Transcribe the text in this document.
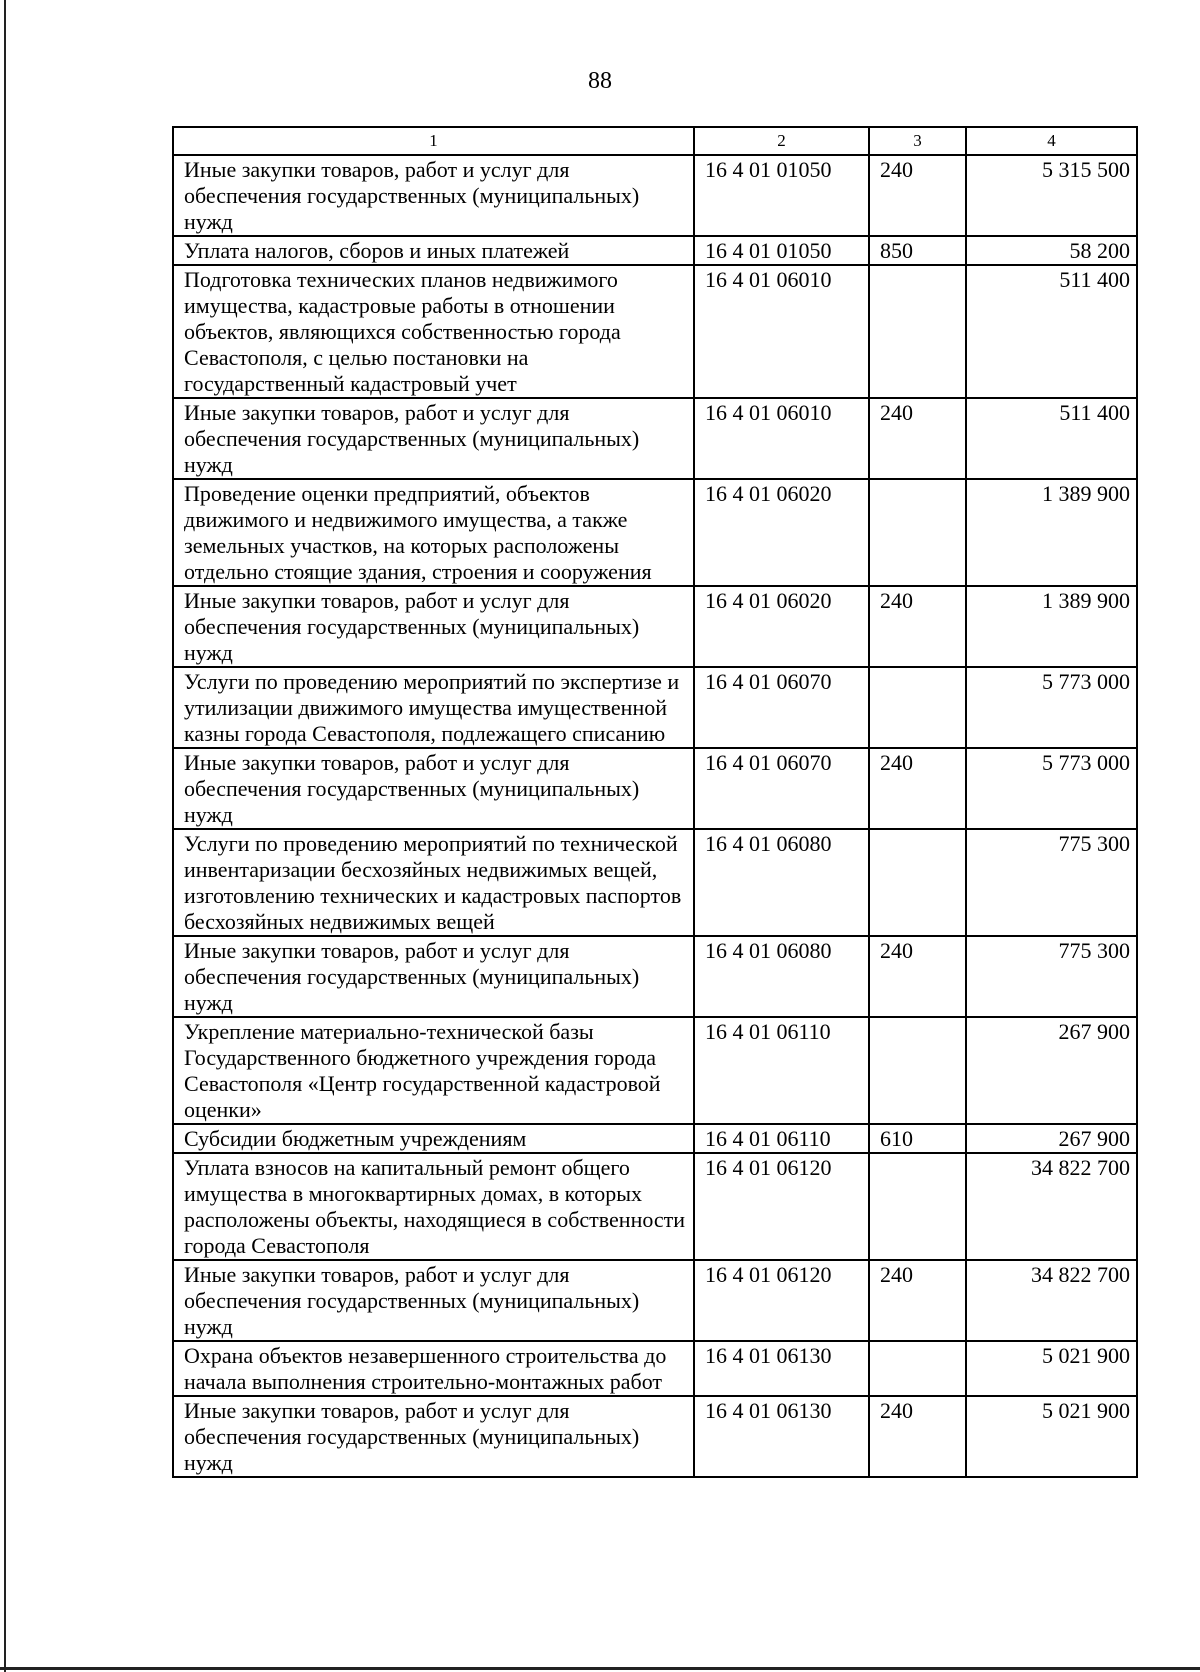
88
1	2	3	4
Иные закупки товаров, работ и услуг для обеспечения государственных (муниципальных) нужд	16 4 01 01050	240	5 315 500
Уплата налогов, сборов и иных платежей	16 4 01 01050	850	58 200
Подготовка технических планов недвижимого имущества, кадастровые работы в отношении объектов, являющихся собственностью города Севастополя, с целью постановки на государственный кадастровый учет	16 4 01 06010		511 400
Иные закупки товаров, работ и услуг для обеспечения государственных (муниципальных) нужд	16 4 01 06010	240	511 400
Проведение оценки предприятий, объектов движимого и недвижимого имущества, а также земельных участков, на которых расположены отдельно стоящие здания, строения и сооружения	16 4 01 06020		1 389 900
Иные закупки товаров, работ и услуг для обеспечения государственных (муниципальных) нужд	16 4 01 06020	240	1 389 900
Услуги по проведению мероприятий по экспертизе и утилизации движимого имущества имущественной казны города Севастополя, подлежащего списанию	16 4 01 06070		5 773 000
Иные закупки товаров, работ и услуг для обеспечения государственных (муниципальных) нужд	16 4 01 06070	240	5 773 000
Услуги по проведению мероприятий по технической инвентаризации бесхозяйных недвижимых вещей, изготовлению технических и кадастровых паспортов бесхозяйных недвижимых вещей	16 4 01 06080		775 300
Иные закупки товаров, работ и услуг для обеспечения государственных (муниципальных) нужд	16 4 01 06080	240	775 300
Укрепление материально-технической базы Государственного бюджетного учреждения города Севастополя «Центр государственной кадастровой оценки»	16 4 01 06110		267 900
Субсидии бюджетным учреждениям	16 4 01 06110	610	267 900
Уплата взносов на капитальный ремонт общего имущества в многоквартирных домах, в которых расположены объекты, находящиеся в собственности города Севастополя	16 4 01 06120		34 822 700
Иные закупки товаров, работ и услуг для обеспечения государственных (муниципальных) нужд	16 4 01 06120	240	34 822 700
Охрана объектов незавершенного строительства до начала выполнения строительно-монтажных работ	16 4 01 06130		5 021 900
Иные закупки товаров, работ и услуг для обеспечения государственных (муниципальных) нужд	16 4 01 06130	240	5 021 900
